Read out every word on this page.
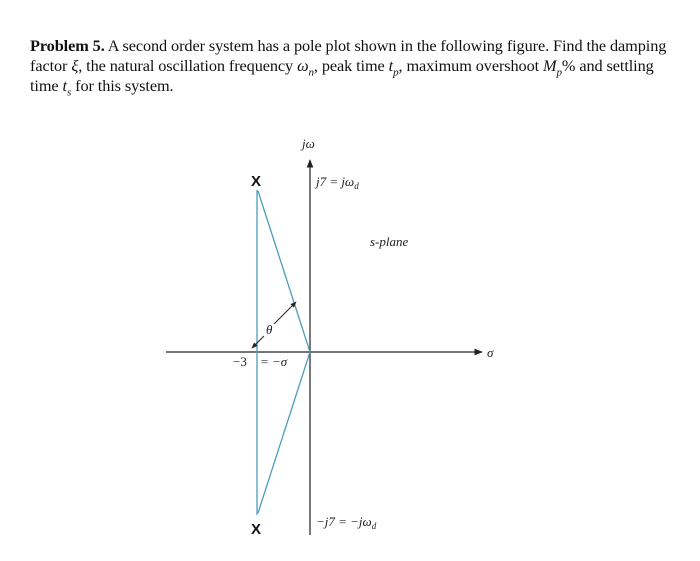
Problem 5. A second order system has a pole plot shown in the following figure. Find the damping factor ξ, the natural oscillation frequency $\omega_n$, peak time $t_p$, maximum overshoot $M_p\%$ and settling time $t_s$ for this system.
θ
X
X
jω
$j7 = j\omega_d$
$-j7 = -j\omega_d$
s-plane
σ
−3 = −σ
